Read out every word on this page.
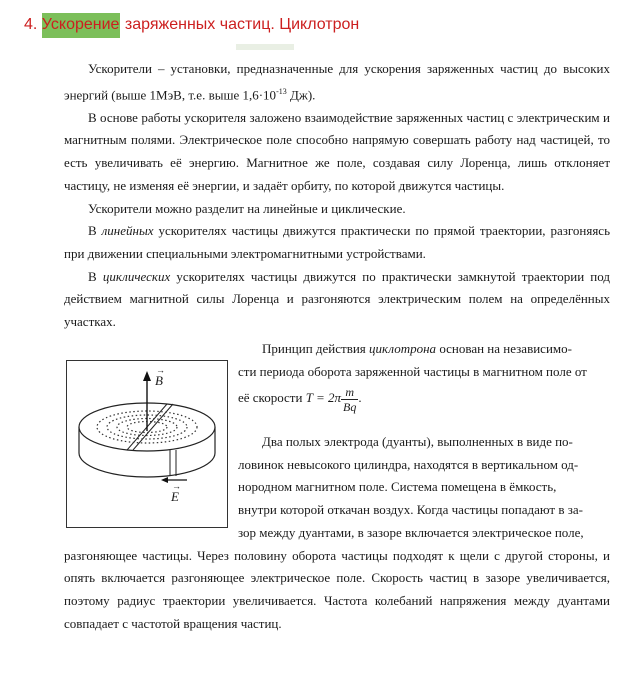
4. Ускорение заряженных частиц. Циклотрон

Ускорители – установки, предназначенные для ускорения заряженных частиц до высоких энергий (выше 1МэВ, т.е. выше $1,6\cdot 10^{-13}$ Дж).

В основе работы ускорителя заложено взаимодействие заряженных частиц с электрическим и магнитным полями. Электрическое поле способно напрямую совершать работу над частицей, то есть увеличивать её энергию. Магнитное же поле, создавая силу Лоренца, лишь отклоняет частицу, не изменяя её энергии, и задаёт орбиту, по которой движутся частицы.

Ускорители можно разделит на линейные и циклические.

В линейных ускорителях частицы движутся практически по прямой траектории, разгоняясь при движении специальными электромагнитными устройствами.

В циклических ускорителях частицы движутся по практически замкнутой траектории под действием магнитной силы Лоренца и разгоняются электрическим полем на определённых участках.

→
B
→
E

Принцип действия циклотрона основан на независимо-

сти периода оборота заряженной частицы в магнитном поле от

её скорости $T = 2\pi \frac{m}{Bq}$ .

Два полых электрода (дуанты), выполненных в виде по-

ловинок невысокого цилиндра, находятся в вертикальном од-

нородном магнитном поле. Система помещена в ёмкость,

внутри которой откачан воздух. Когда частицы попадают в за-

зор между дуантами, в зазоре включается электрическое поле,

разгоняющее частицы. Через половину оборота частицы подходят к щели с другой стороны, и опять включается разгоняющее электрическое поле. Скорость частиц в зазоре увеличивается, поэтому радиус траектории увеличивается. Частота колебаний напряжения между дуантами совпадает с частотой вращения частиц.
